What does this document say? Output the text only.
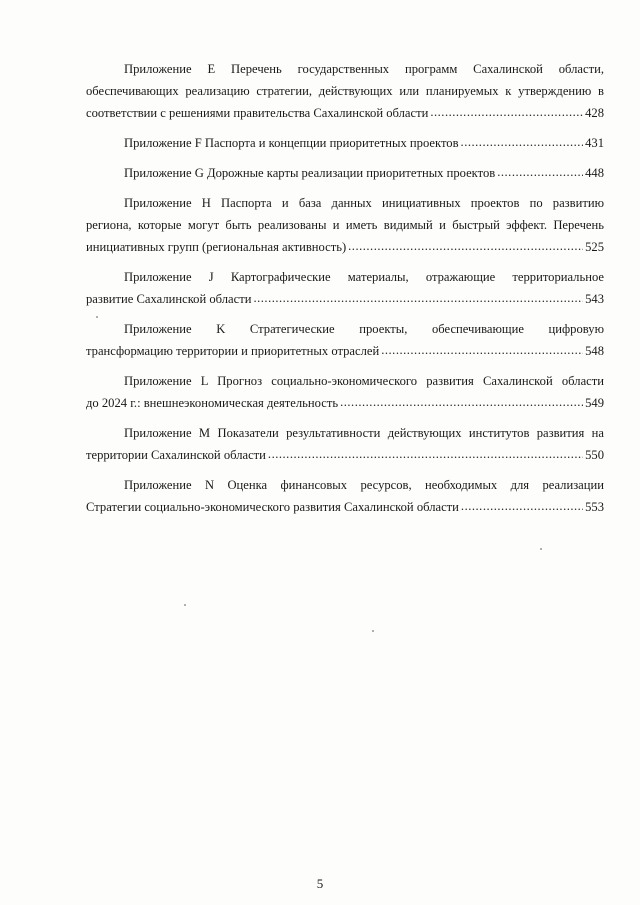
Приложение E Перечень государственных программ Сахалинской области,
обеспечивающих реализацию стратегии, действующих или планируемых к утверждению в
соответствии с решениями правительства Сахалинской области .....	428
Приложение F Паспорта и концепции приоритетных проектов .....	431
Приложение G Дорожные карты реализации приоритетных проектов .....	448
Приложение H Паспорта и база данных инициативных проектов по развитию
региона, которые могут быть реализованы и иметь видимый и быстрый эффект. Перечень
инициативных групп (региональная активность) .....	525
Приложение J Картографические материалы, отражающие территориальное
развитие Сахалинской области .....	543
Приложение K Стратегические проекты, обеспечивающие цифровую
трансформацию территории и приоритетных отраслей .....	548
Приложение L Прогноз социально-экономического развития Сахалинской области
до 2024 г.: внешнеэкономическая деятельность .....	549
Приложение M Показатели результативности действующих институтов развития на
территории Сахалинской области .....	550
Приложение N Оценка финансовых ресурсов, необходимых для реализации
Стратегии социально-экономического развития Сахалинской области .....	553
5
